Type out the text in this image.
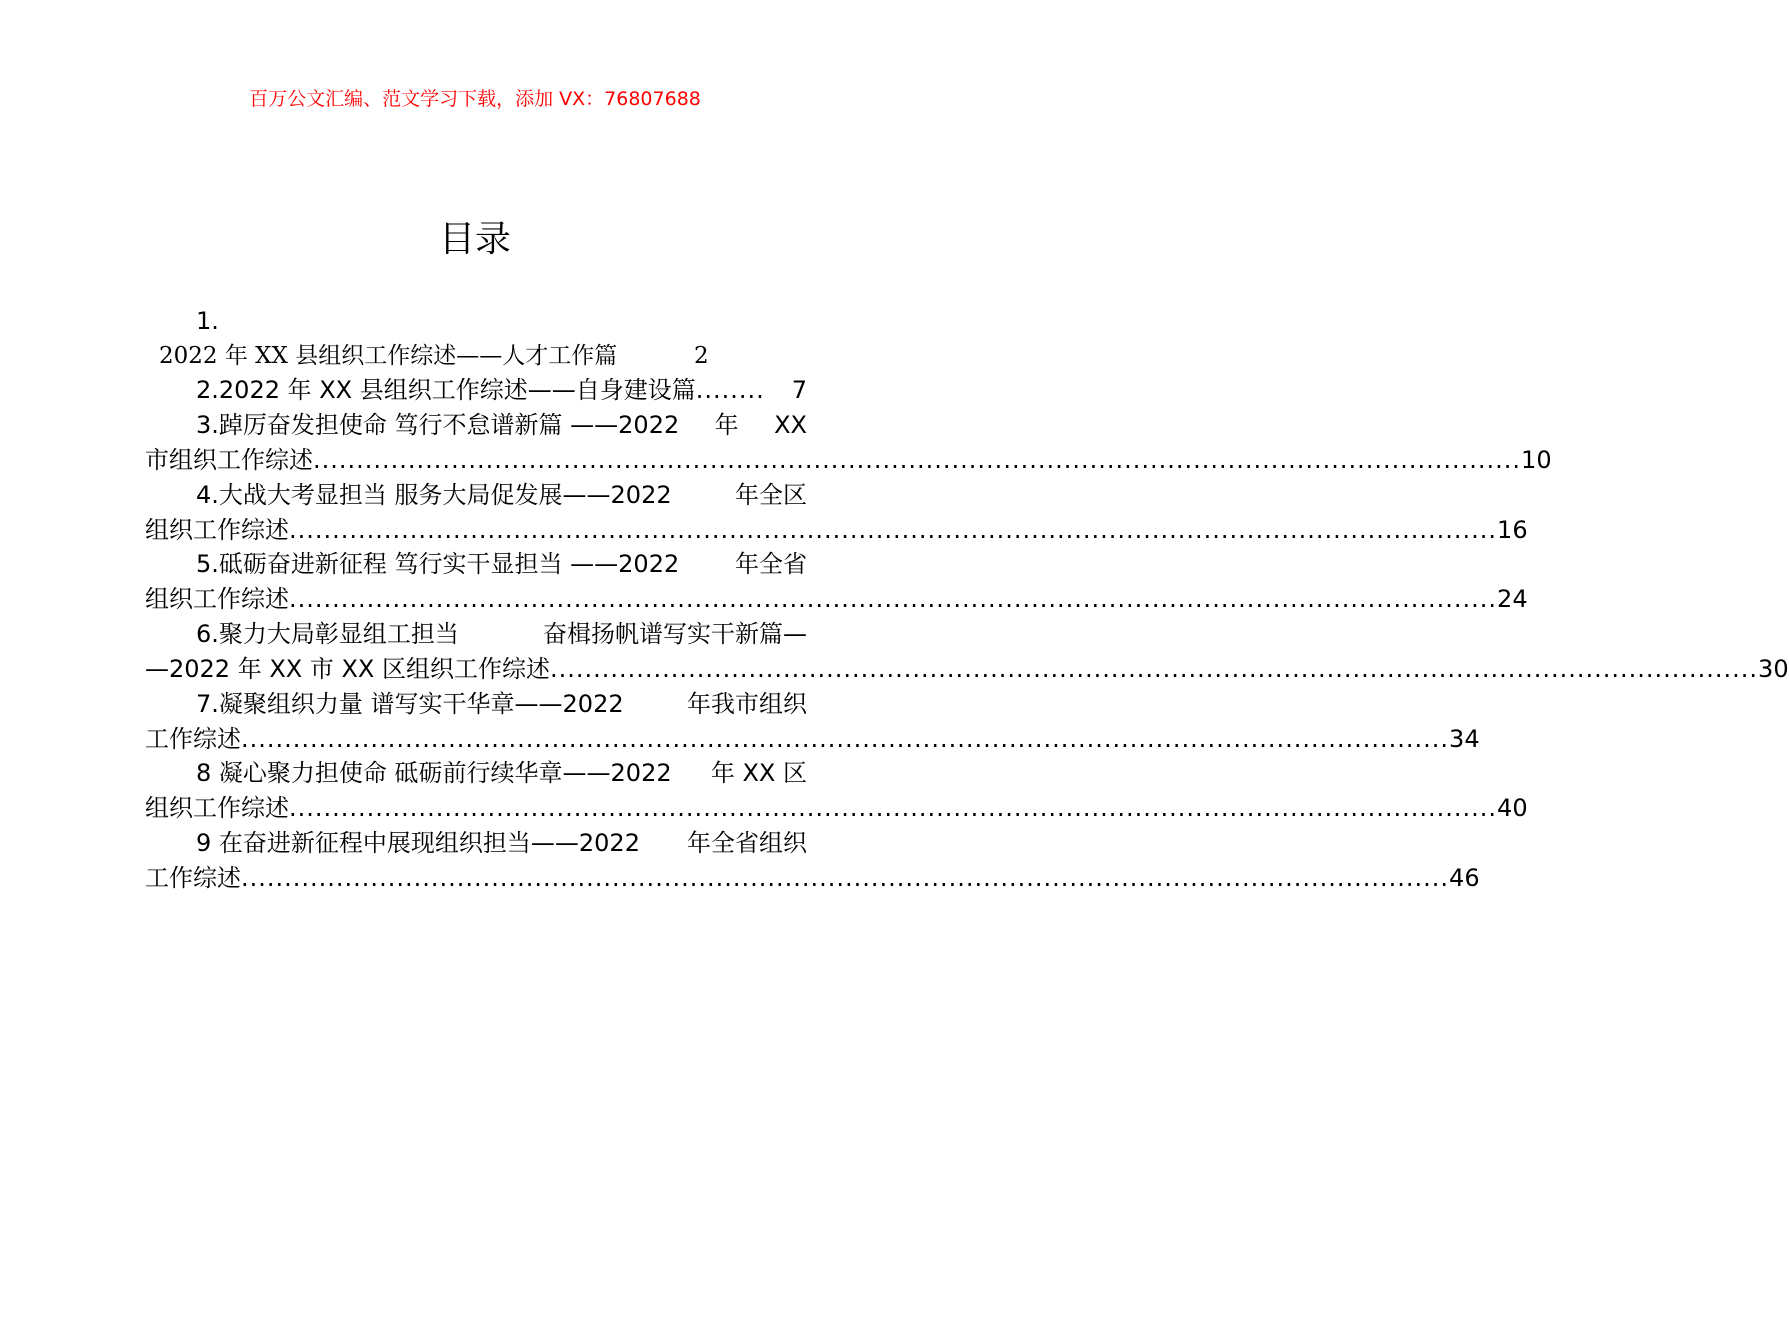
百万公文汇编、范文学习下载，添加 VX：76807688
目录
1.
2022 年 XX 县组织工作综述——人才工作篇	2
2.2022 年 XX 县组织工作综述——自身建设篇 ........	7
3.踔厉奋发担使命 笃行不怠谱新篇 ——2022 年 XX
市组织工作综述 ............................................................................................................................................ 10
4.大战大考显担当 服务大局促发展——2022	年全区
组织工作综述 ............................................................................................................................................ 16
5.砥砺奋进新征程 笃行实干显担当 ——2022 年全省
组织工作综述 ............................................................................................................................................ 24
6.聚力大局彰显组工担当	奋楫扬帆谱写实干新篇—
—2022 年 XX 市 XX 区组织工作综述 ............................................................................................................................................ 30
7.凝聚组织力量 谱写实干华章——2022	年我市组织
工作综述 ............................................................................................................................................ 34
8 凝心聚力担使命 砥砺前行续华章——2022 年 XX 区
组织工作综述 ............................................................................................................................................ 40
9 在奋进新征程中展现组织担当——2022 年全省组织
工作综述 ............................................................................................................................................ 46
